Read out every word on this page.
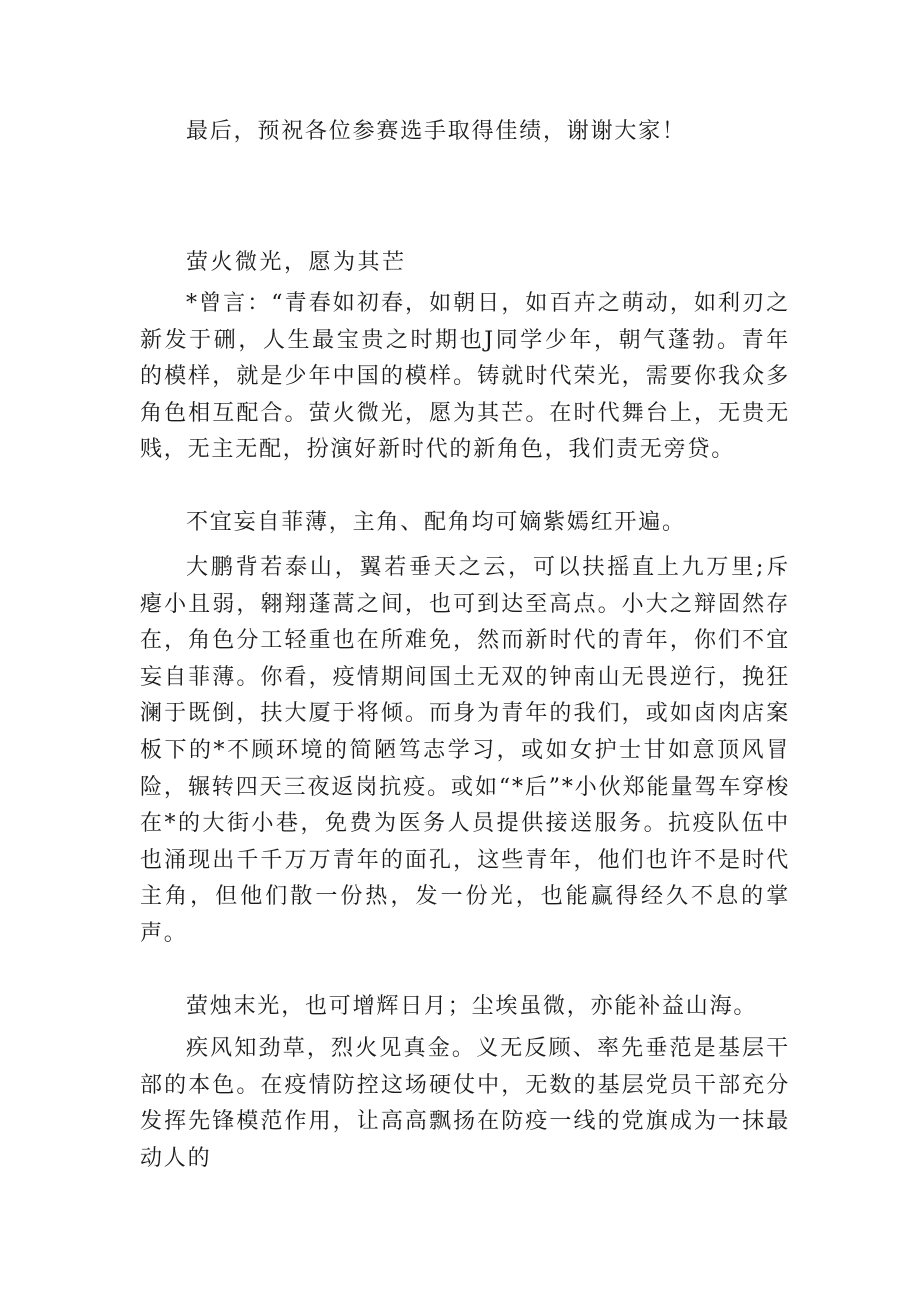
最后，预祝各位参赛选手取得佳绩，谢谢大家！
萤火微光，愿为其芒
*曾言：“青春如初春，如朝日，如百卉之萌动，如利刃之新发于硎，人生最宝贵之时期也J同学少年，朝气蓬勃。青年的模样，就是少年中国的模样。铸就时代荣光，需要你我众多角色相互配合。萤火微光，愿为其芒。在时代舞台上，无贵无贱，无主无配，扮演好新时代的新角色，我们责无旁贷。
不宜妄自菲薄，主角、配角均可嫡紫嫣红开遍。
大鹏背若泰山，翼若垂天之云，可以扶摇直上九万里;斥瘪小且弱，翱翔蓬蒿之间，也可到达至高点。小大之辩固然存在，角色分工轻重也在所难免，然而新时代的青年，你们不宜妄自菲薄。你看，疫情期间国土无双的钟南山无畏逆行，挽狂澜于既倒，扶大厦于将倾。而身为青年的我们，或如卤肉店案板下的*不顾环境的简陋笃志学习，或如女护士甘如意顶风冒险，辗转四天三夜返岗抗疫。或如“*后”*小伙郑能量驾车穿梭在*的大街小巷，免费为医务人员提供接送服务。抗疫队伍中也涌现出千千万万青年的面孔，这些青年，他们也许不是时代主角，但他们散一份热，发一份光，也能赢得经久不息的掌声。
萤烛末光，也可增辉日月；尘埃虽微，亦能补益山海。
疾风知劲草，烈火见真金。义无反顾、率先垂范是基层干部的本色。在疫情防控这场硬仗中，无数的基层党员干部充分发挥先锋模范作用，让高高飘扬在防疫一线的党旗成为一抹最动人的
